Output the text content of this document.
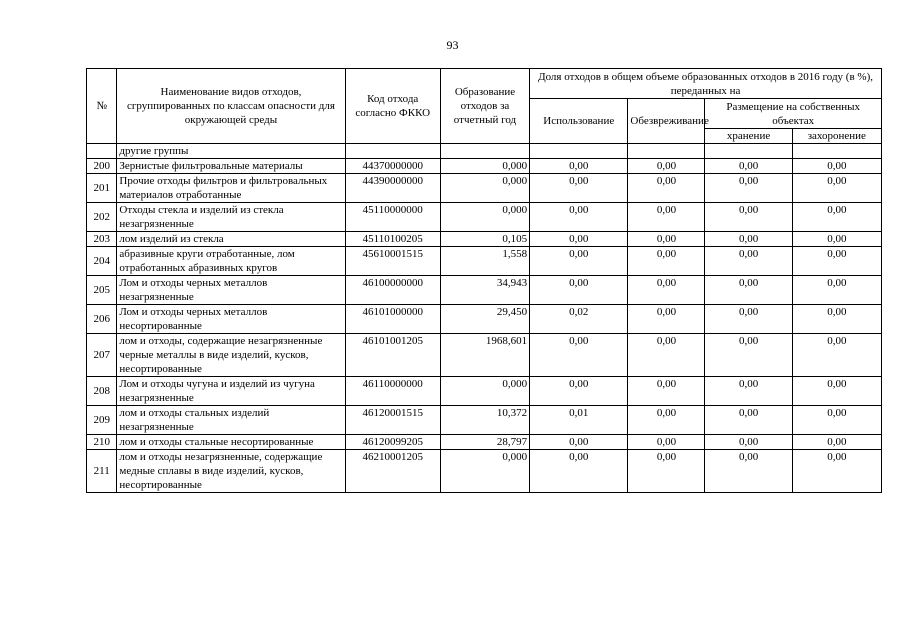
93
№	Наименование видов отходов, сгруппированных по классам опасности для окружающей среды	Код отхода согласно ФККО	Образование отходов за отчетный год	Доля отходов в общем объеме образованных отходов в 2016 году (в %), переданных на			
				Использование	Обезвреживание	Размещение на собственных объектах	
						хранение	захоронение
	другие группы						
200	Зернистые фильтровальные материалы	44370000000	0,000	0,00	0,00	0,00	0,00
201	Прочие отходы фильтров и фильтровальных материалов отработанные	44390000000	0,000	0,00	0,00	0,00	0,00
202	Отходы стекла и изделий из стекла незагрязненные	45110000000	0,000	0,00	0,00	0,00	0,00
203	лом изделий из стекла	45110100205	0,105	0,00	0,00	0,00	0,00
204	абразивные круги отработанные, лом отработанных абразивных кругов	45610001515	1,558	0,00	0,00	0,00	0,00
205	Лом и отходы черных металлов незагрязненные	46100000000	34,943	0,00	0,00	0,00	0,00
206	Лом и отходы черных металлов несортированные	46101000000	29,450	0,02	0,00	0,00	0,00
207	лом и отходы, содержащие незагрязненные черные металлы в виде изделий, кусков, несортированные	46101001205	1968,601	0,00	0,00	0,00	0,00
208	Лом и отходы чугуна и изделий из чугуна незагрязненные	46110000000	0,000	0,00	0,00	0,00	0,00
209	лом и отходы стальных изделий незагрязненные	46120001515	10,372	0,01	0,00	0,00	0,00
210	лом и отходы стальные несортированные	46120099205	28,797	0,00	0,00	0,00	0,00
211	лом и отходы незагрязненные, содержащие медные сплавы в виде изделий, кусков, несортированные	46210001205	0,000	0,00	0,00	0,00	0,00
